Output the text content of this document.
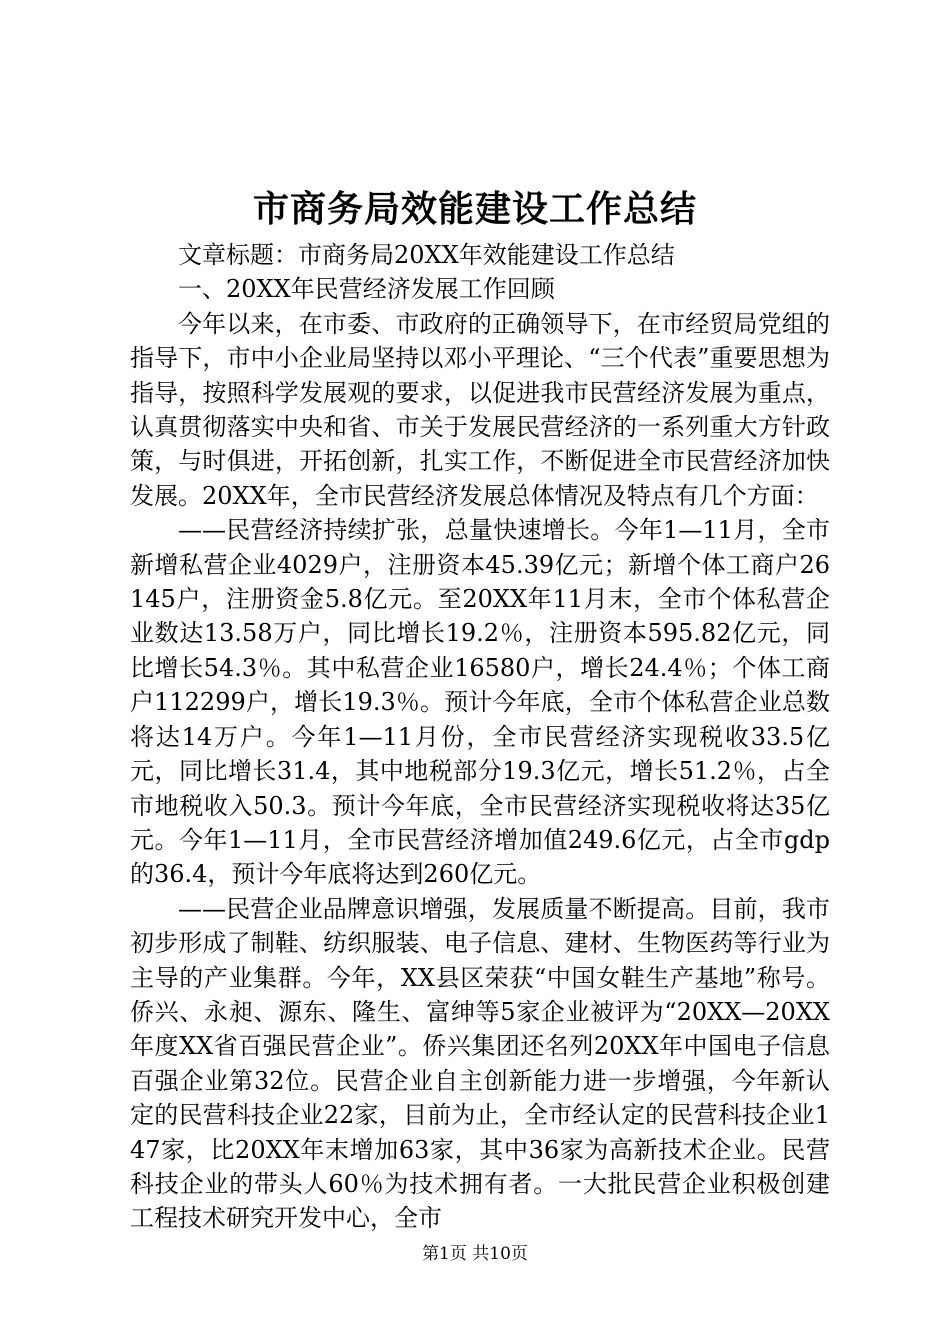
市商务局效能建设工作总结

文章标题：市商务局20XX年效能建设工作总结

一、20XX年民营经济发展工作回顾

今年以来，在市委、市政府的正确领导下，在市经贸局党组的指导下，市中小企业局坚持以邓小平理论、“三个代表”重要思想为指导，按照科学发展观的要求，以促进我市民营经济发展为重点，认真贯彻落实中央和省、市关于发展民营经济的一系列重大方针政策，与时俱进，开拓创新，扎实工作，不断促进全市民营经济加快发展。20XX年，全市民营经济发展总体情况及特点有几个方面：

——民营经济持续扩张，总量快速增长。今年1—11月，全市新增私营企业4029户，注册资本45.39亿元；新增个体工商户26145户，注册资金5.8亿元。至20XX年11月末，全市个体私营企业数达13.58万户，同比增长19.2％，注册资本595.82亿元，同比增长54.3％。其中私营企业16580户，增长24.4％；个体工商户112299户，增长19.3％。预计今年底，全市个体私营企业总数将达14万户。今年1—11月份，全市民营经济实现税收33.5亿元，同比增长31.4，其中地税部分19.3亿元，增长51.2％，占全市地税收入50.3。预计今年底，全市民营经济实现税收将达35亿元。今年1—11月，全市民营经济增加值249.6亿元，占全市gdp的36.4，预计今年底将达到260亿元。

——民营企业品牌意识增强，发展质量不断提高。目前，我市初步形成了制鞋、纺织服装、电子信息、建材、生物医药等行业为主导的产业集群。今年，XX县区荣获“中国女鞋生产基地”称号。侨兴、永昶、源东、隆生、富绅等5家企业被评为“20XX—20XX年度XX省百强民营企业”。侨兴集团还名列20XX年中国电子信息百强企业第32位。民营企业自主创新能力进一步增强，今年新认定的民营科技企业22家，目前为止，全市经认定的民营科技企业147家，比20XX年末增加63家，其中36家为高新技术企业。民营科技企业的带头人60％为技术拥有者。一大批民营企业积极创建工程技术研究开发中心，全市

第1页 共10页
